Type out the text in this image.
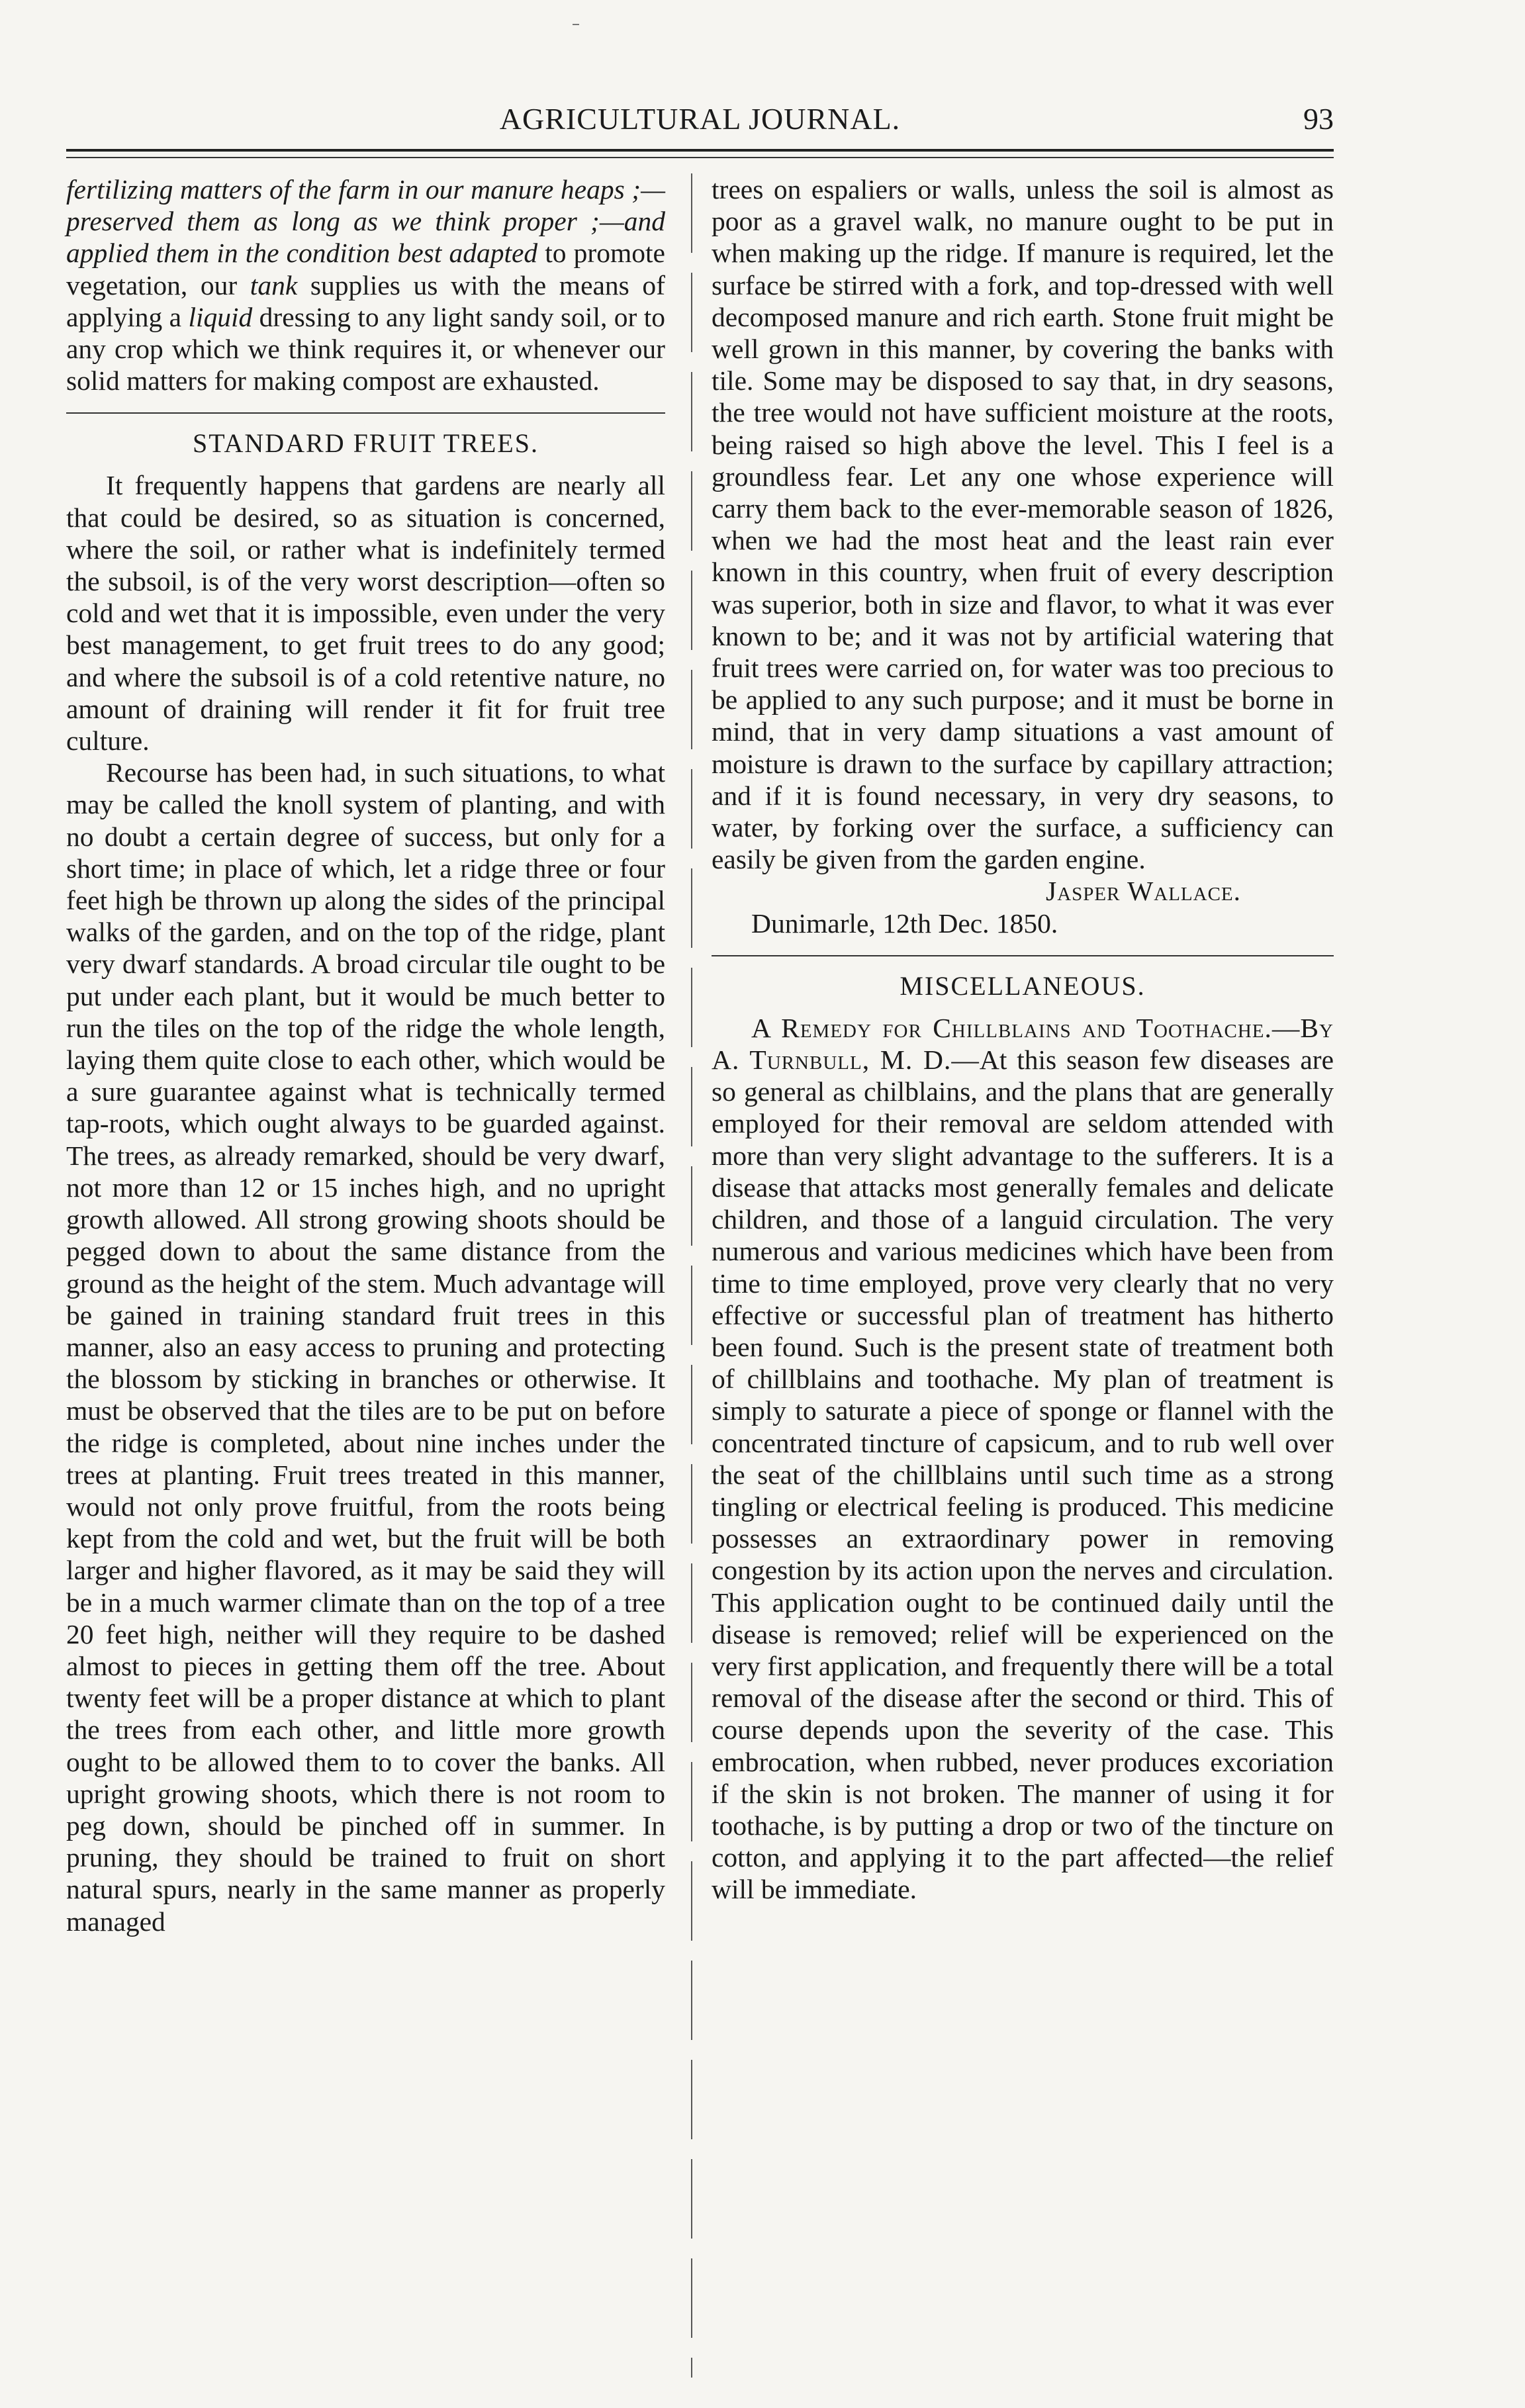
AGRICULTURAL JOURNAL.	93

fertilizing matters of the farm in our manure heaps ;—preserved them as long as we think proper ;—and applied them in the condition best adapted to promote vegetation, our tank supplies us with the means of applying a liquid dressing to any light sandy soil, or to any crop which we think requires it, or whenever our solid matters for making compost are exhausted.

STANDARD FRUIT TREES.

It frequently happens that gardens are nearly all that could be desired, so as situation is concerned, where the soil, or rather what is indefinitely termed the subsoil, is of the very worst description—often so cold and wet that it is impossible, even under the very best management, to get fruit trees to do any good; and where the subsoil is of a cold retentive nature, no amount of draining will render it fit for fruit tree culture.

Recourse has been had, in such situations, to what may be called the knoll system of planting, and with no doubt a certain degree of success, but only for a short time; in place of which, let a ridge three or four feet high be thrown up along the sides of the principal walks of the garden, and on the top of the ridge, plant very dwarf standards. A broad circular tile ought to be put under each plant, but it would be much better to run the tiles on the top of the ridge the whole length, laying them quite close to each other, which would be a sure guarantee against what is technically termed tap-roots, which ought always to be guarded against. The trees, as already remarked, should be very dwarf, not more than 12 or 15 inches high, and no upright growth allowed. All strong growing shoots should be pegged down to about the same distance from the ground as the height of the stem. Much advantage will be gained in training standard fruit trees in this manner, also an easy access to pruning and protecting the blossom by sticking in branches or otherwise. It must be observed that the tiles are to be put on before the ridge is completed, about nine inches under the trees at planting. Fruit trees treated in this manner, would not only prove fruitful, from the roots being kept from the cold and wet, but the fruit will be both larger and higher flavored, as it may be said they will be in a much warmer climate than on the top of a tree 20 feet high, neither will they require to be dashed almost to pieces in getting them off the tree. About twenty feet will be a proper distance at which to plant the trees from each other, and little more growth ought to be allowed them to to cover the banks. All upright growing shoots, which there is not room to peg down, should be pinched off in summer. In pruning, they should be trained to fruit on short natural spurs, nearly in the same manner as properly managed

trees on espaliers or walls, unless the soil is almost as poor as a gravel walk, no manure ought to be put in when making up the ridge. If manure is required, let the surface be stirred with a fork, and top-dressed with well decomposed manure and rich earth. Stone fruit might be well grown in this manner, by covering the banks with tile. Some may be disposed to say that, in dry seasons, the tree would not have sufficient moisture at the roots, being raised so high above the level. This I feel is a groundless fear. Let any one whose experience will carry them back to the ever-memorable season of 1826, when we had the most heat and the least rain ever known in this country, when fruit of every description was superior, both in size and flavor, to what it was ever known to be; and it was not by artificial watering that fruit trees were carried on, for water was too precious to be applied to any such purpose; and it must be borne in mind, that in very damp situations a vast amount of moisture is drawn to the surface by capillary attraction; and if it is found necessary, in very dry seasons, to water, by forking over the surface, a sufficiency can easily be given from the garden engine.

Jasper Wallace.

Dunimarle, 12th Dec. 1850.

MISCELLANEOUS.

A Remedy for Chillblains and Toothache.—By A. Turnbull, M. D.—At this season few diseases are so general as chilblains, and the plans that are generally employed for their removal are seldom attended with more than very slight advantage to the sufferers. It is a disease that attacks most generally females and delicate children, and those of a languid circulation. The very numerous and various medicines which have been from time to time employed, prove very clearly that no very effective or successful plan of treatment has hitherto been found. Such is the present state of treatment both of chillblains and toothache. My plan of treatment is simply to saturate a piece of sponge or flannel with the concentrated tincture of capsicum, and to rub well over the seat of the chillblains until such time as a strong tingling or electrical feeling is produced. This medicine possesses an extraordinary power in removing congestion by its action upon the nerves and circulation. This application ought to be continued daily until the disease is removed; relief will be experienced on the very first application, and frequently there will be a total removal of the disease after the second or third. This of course depends upon the severity of the case. This embrocation, when rubbed, never produces excoriation if the skin is not broken. The manner of using it for toothache, is by putting a drop or two of the tincture on cotton, and applying it to the part affected—the relief will be immediate.
